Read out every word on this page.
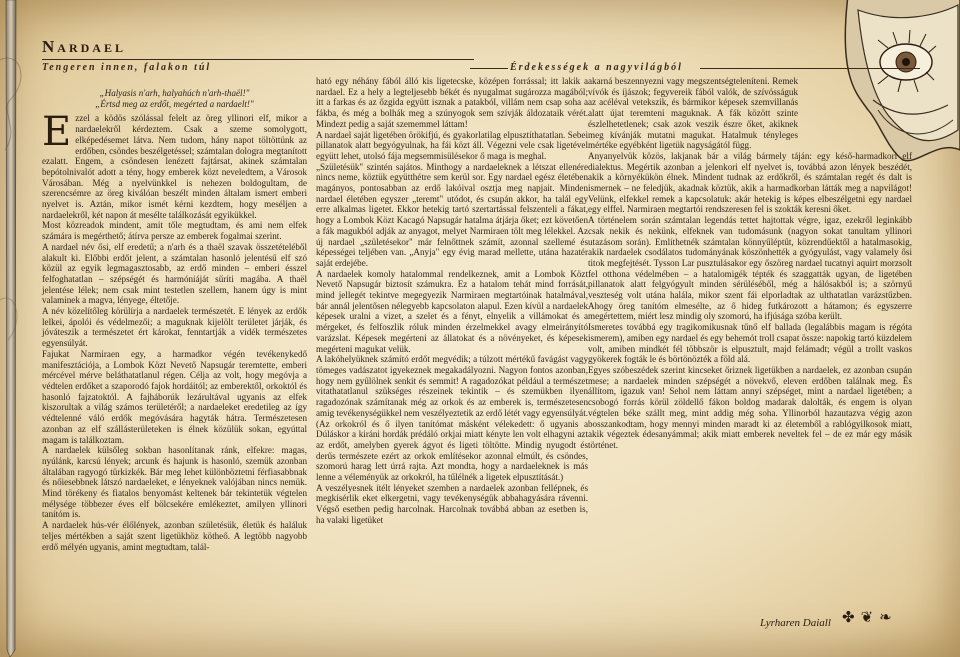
Nardael
Tengeren innen, falakon túl	Érdekességek a nagyvilágból

„Halyasis n'arh, halyahúch n'arh-thaël!"
„Értsd meg az erdőt, megérted a nardaelt!"

Ezzel a ködös szólással felelt az öreg yllinori elf, mikor a nardaelekről kérdeztem. Csak a szeme somolygott, elképedésemet látva. Nem tudom, hány napot töltöttünk az erdőben, csöndes beszélgetéssel; számtalan dologra megtanított ezalatt. Engem, a csöndesen lenézett fajtársat, akinek számtalan bepótolnivalót adott a tény, hogy emberek közt neveledtem, a Városok Városában. Még a nyelvünkkel is nehezen boldogultam, de szerencsémre az öreg kiválóan beszélt minden általam ismert emberi nyelvet is. Aztán, mikor ismét kérni kezdtem, hogy meséljen a nardaelekről, két napon át mesélte találkozását egyikükkel.

Most közreadok mindent, amit tőle megtudtam, és ami nem elfek számára is megérthető; átírva persze az emberek fogalmai szerint.

A nardael név ősi, elf eredetű; a n'arh és a thaël szavak összetételéből alakult ki. Előbbi erdőt jelent, a számtalan hasonló jelentésű elf szó közül az egyik legmagasztosabb, az erdő minden – emberi ésszel felfoghatatlan – szépségét és harmóniáját sűríti magába. A thaël jelentése lélek; nem csak mint testetlen szellem, hanem úgy is mint valaminek a magva, lényege, éltetője.

A név közelítőleg körülírja a nardaelek természetét. E lények az erdők lelkei, ápolói és védelmezői; a maguknak kijelölt területet járják, és jóváteszik a természetet ért károkat, fenntartják a vidék természetes egyensúlyát.

Fajukat Narmiraen egy, a harmadkor végén tevékenykedő manifesztációja, a Lombok Közt Nevető Napsugár teremtette, emberi mércével mérve beláthatatlanul régen. Célja az volt, hogy megóvja a védtelen erdőket a szaporodó fajok hordáitól; az emberektől, orkoktól és hasonló fajzatoktól. A fajháborúk lezárultával ugyanis az elfek kiszorultak a világ számos területéről; a nardaeleket eredetileg az így védtelenné váló erdők megóvására hagyták hátra. Természetesen azonban az elf szállásterületeken is élnek közülük sokan, egyúttal magam is találkoztam.

A nardaelek külsőleg sokban hasonlítanak ránk, elfekre: magas, nyúlánk, karcsú lények; arcunk és hajunk is hasonló, szemük azonban általában ragyogó türkizkék. Bár meg lehet különböztetni férfiasabbnak és nőiesebbnek látszó nardaeleket, e lényeknek valójában nincs nemük. Mind törékeny és fiatalos benyomást keltenek bár tekintetük végtelen mélysége többezer éves elf bölcsekére emlékeztet, amilyen yllinori tanítóm is.

A nardaelek hús-vér élőlények, azonban születésük, életük és haláluk teljes mértékben a saját szent ligetükhöz kötheő. A legtöbb nagyobb erdő mélyén ugyanis, amint megtudtam, talál-

ható egy néhány fából álló kis ligetecske, középen forrással; itt lakik a nardael. Ez a hely a legteljesebb békét és nyugalmat sugározza magából; itt a farkas és az őzgida együtt isznak a patakból, villám nem csap soha a fákba, és még a bolhák meg a szúnyogok sem szívják áldozataik vérét. Mindezt pedig a saját szememmel láttam!

A nardael saját ligetében örökifjú, és gyakorlatilag elpusztíthatatlan. Sebei pillanatok alatt begyógyulnak, ha fái közt áll. Végezni vele csak ligetével együtt lehet, utolsó fája megsemmisülésekor ő maga is meghal.

„Születésük" szintén sajátos. Minthogy a nardaeleknek a létszat ellenére nincs neme, köztük együtthétre sem kerül sor. Egy nardael egész életében magányos, pontosabban az erdő lakóival osztja meg napjait. Minden nardael életében egyszer „teremt" utódot, és csupán akkor, ha talál egy erre alkalmas ligetet. Ekkor hetekig tartó szertartással felszenteli a fákat, hogy a Lombok Közt Kacagó Napsugár hatalma átjárja őket; ezt követően a fák magukból adják az anyagot, melyet Narmiraen tölt meg lélekkel. Az új nardael „születésekor" már felnőttnek számít, azonnal szellemé és képességei teljében van. „Anyja" egy évig marad mellette, utána hazatér saját erdejébe.

A nardaelek komoly hatalommal rendelkeznek, amit a Lombok Közt Nevető Napsugár biztosít számukra. Ez a hatalom tehát mind forrását, mind jellegét tekintve megegyezik Narmiraen megtartóinak hatalmával, bár annál jelentősen nélegyebb kapcsolaton alapul. Ezen kívül a nardaelek képesek uralni a vizet, a szelet és a fényt, elnyelik a villámokat és a mérgeket, és felfoszlik róluk minden érzelmekkel avagy elmeirányító varázslat. Képesek megérteni az állatokat és a növényeket, és képesek megérteni magukat velük.

A lakóhelyüknek számító erdőt megvédik; a túlzott mértékű favágást vagy tömeges vadászatot igyekeznek megakadályozni. Nagyon fontos azonban, hogy nem gyűlölnek senkit és semmit! A ragadozókat például a természet vitathatatlanul szükséges részeinek tekintik – és szemükben ilyen ragadozónak számítanak még az orkok és az emberek is, természetesen amig tevékenységükkel nem veszélyeztetik az erdő létét vagy egyensúlyát. (Az orkokról és ő ilyen tanítómat másként vélekedett: ő ugyanis a Dúláskor a kiráni hordák prédáló orkjai miatt kényte len volt elhagyni azt az erdőt, amelyben gyerek ágyot és ligeti töltötte. Mindig nyugodt és derűs természete ezért az orkok említésekor azonnal elmúlt, és csöndes, szomorú harag lett úrrá rajta. Azt mondta, hogy a nardaeleknek is más lenne a véleményük az orkokról, ha tűlélnék a ligetek elpusztítását.)

A veszélyesnek ítélt lényeket szemben a nardaelek azonban fellépnek, és megkísérlik eket elkergetni, vagy tevékenységük abbahagyására rávenni. Végső esetben pedig harcolnak. Harcolnak továbbá abban az esetben is, ha valaki ligetüket

akarná beszennyezni vagy megszentségteleníteni. Remek vívók és íjászok; fegyvereik fából valók, de szívósságuk az acéléval vetekszik, és bármikor képesek szemvillanás alatt újat teremteni maguknak. A fák között szinte észlelhetetlenek; csak azok veszik észre őket, akiknek meg kívánják mutatni magukat. Hatalmuk tényleges mértéke egyébként ligetük nagyságától függ.

Anyanyelvük közös, lakjanak bár a világ bármely táján: egy késő-harmadkori elf dialektus. Megértik azonban a jelenkori elf nyelvet is, továbbá azon lények beszédét, akik a környékükön élnek. Mindent tudnak az erdőkről, és számtalan regét és dalt is ismernek – ne feledjük, akadnak köztük, akik a harmadkorban látták meg a napvilágot! Velünk, elfekkel remek a kapcsolatuk: akár hetekig is képes elbeszélgetni egy nardael egy elffel. Narmiraen megtartói rendszeresen fel is szokták keresni őket.

A történelem során számtalan legendás tettet hajtottak végre, igaz, ezekről leginkább csak nekik és nekünk, elfeknek van tudomásunk (nagyon sokat tanultam yllinori utazásom során). Említhetnék számtalan könnyűléptűt, közrendűektől a hatalmasokig, akik nardaelek csodálatos tudományának köszönhették a gyógyulást, vagy valamely ősi titok megfejtését. Tysson Lar pusztulásakor egy őszöreg nardael tucatnyi aquirt morzsolt fel otthona védelmében – a hatalomigék tépték és szaggatták ugyan, de ligetében pillanatok alatt felgyógyult minden sérüléséből, még a hálósakból is; a szörnyű veszteség volt utána halála, mikor szent fái elporladtak az ulthatatlan varázstűzben. Ahogy öreg tanítóm elmesélte, az ő hideg futkározott a hátamon; és egyszerre megértettem, miért lesz mindig oly szomorú, ha ifjúsága szóba került.

Ismeretes továbbá egy tragikomikusnak tűnő elf ballada (legalábbis magam is régóta ismerem), amiben egy nardael és egy behemót troll csapat össze: napokig tartó küzdelem volt, amiben mindkét fél többször is elpusztult, majd felámadt; végül a trollt vaskos gyökerek fogták le és börtönözték a föld alá.

Egyes szóbeszédek szerint kincseket őriznek ligetükben a nardaelek, ez azonban csupán mese; a nardaelek minden szépségét a növekvő, eleven erdőben találnak meg. És állítom, igazuk van! Sehol nem láttam annyi szépséget, mint a nardael ligetében; a csobogó forrás körül zöldellő fákon boldog madarak dalolták, és engem is olyan végtelen béke szállt meg, mint addig még soha. Yllinorból hazautazva végig azon bosszankodtam, hogy mennyi minden maradt ki az életemből a rablógyilkosok miatt, akik végeztek édesanyámmal; akik miatt emberek neveltek fel – de ez már egy másik történet.

Lyrharen Daiall ✤ ❦ ❧
